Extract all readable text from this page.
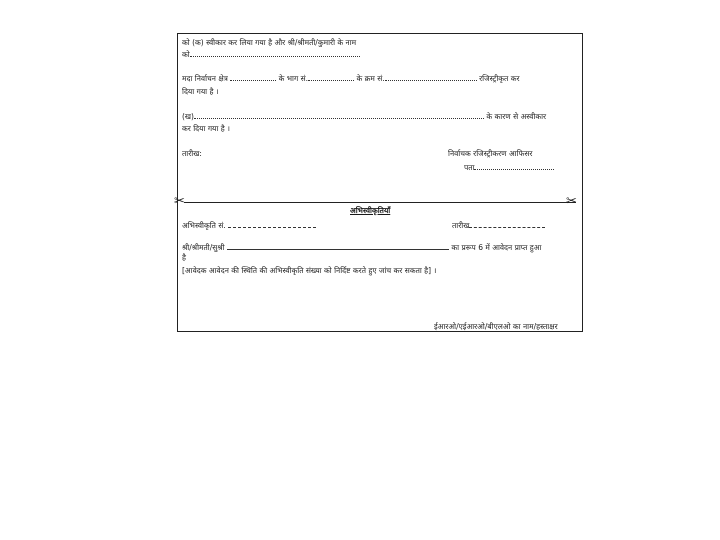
को (क) स्वीकार कर लिया गया है और श्री/श्रीमती/कुमारी के नाम
को
मदा निर्वाचन क्षेत्र	के भाग सं.	के क्रम सं.	रजिस्ट्रीकृत कर
दिया गया है ।
(ख)	के कारण से अस्वीकार
कर दिया गया है ।
तारीख:	निर्वाचक रजिस्ट्रीकरण आफिसर
पता
✂	✂
अभिस्वीकृतियाँ
अभिस्वीकृति सं.	तारीख
श्री/श्रीमती/सुश्री	का प्ररूप 6 में आवेदन प्राप्त हुआ
है
[आवेदक आवेदन की स्थिति की अभिस्वीकृति संख्या को निर्दिष्ट करते हुए जांच कर सकता है] ।
ईआरओ/एईआरओ/बीएलओ का नाम/हस्ताक्षर
